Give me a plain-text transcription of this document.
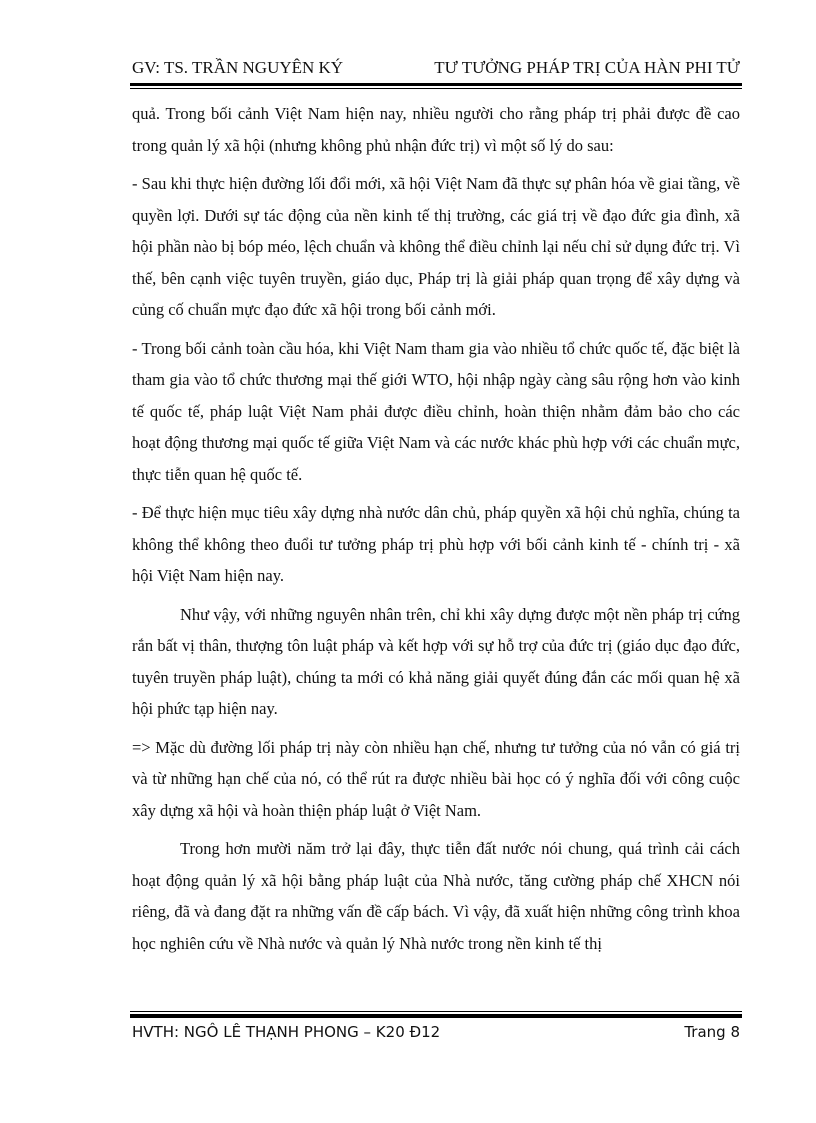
GV: TS. TRẦN NGUYÊN KÝ	TƯ TƯỞNG PHÁP TRỊ CỦA HÀN PHI TỬ

quả. Trong bối cảnh Việt Nam hiện nay, nhiều người cho rằng pháp trị phải được đề cao trong quản lý xã hội (nhưng không phủ nhận đức trị) vì một số lý do sau:

- Sau khi thực hiện đường lối đổi mới, xã hội Việt Nam đã thực sự phân hóa về giai tầng, về quyền lợi. Dưới sự tác động của nền kinh tế thị trường, các giá trị về đạo đức gia đình, xã hội phần nào bị bóp méo, lệch chuẩn và không thể điều chỉnh lại nếu chỉ sử dụng đức trị. Vì thế, bên cạnh việc tuyên truyền, giáo dục, Pháp trị là giải pháp quan trọng để xây dựng và củng cố chuẩn mực đạo đức xã hội trong bối cảnh mới.

- Trong bối cảnh toàn cầu hóa, khi Việt Nam tham gia vào nhiều tổ chức quốc tế, đặc biệt là tham gia vào tổ chức thương mại thế giới WTO, hội nhập ngày càng sâu rộng hơn vào kinh tế quốc tế, pháp luật Việt Nam phải được điều chỉnh, hoàn thiện nhằm đảm bảo cho các hoạt động thương mại quốc tế giữa Việt Nam và các nước khác phù hợp với các chuẩn mực, thực tiễn quan hệ quốc tế.

- Để thực hiện mục tiêu xây dựng nhà nước dân chủ, pháp quyền xã hội chủ nghĩa, chúng ta không thể không theo đuổi tư tưởng pháp trị phù hợp với bối cảnh kinh tế - chính trị - xã hội Việt Nam hiện nay.

Như vậy, với những nguyên nhân trên, chỉ khi xây dựng được một nền pháp trị cứng rắn bất vị thân, thượng tôn luật pháp và kết hợp với sự hỗ trợ của đức trị (giáo dục đạo đức, tuyên truyền pháp luật), chúng ta mới có khả năng giải quyết đúng đắn các mối quan hệ xã hội phức tạp hiện nay.

=> Mặc dù đường lối pháp trị này còn nhiều hạn chế, nhưng tư tưởng của nó vẫn có giá trị và từ những hạn chế của nó, có thể rút ra được nhiều bài học có ý nghĩa đối với công cuộc xây dựng xã hội và hoàn thiện pháp luật ở Việt Nam.

Trong hơn mười năm trở lại đây, thực tiễn đất nước nói chung, quá trình cải cách hoạt động quản lý xã hội bằng pháp luật của Nhà nước, tăng cường pháp chế XHCN nói riêng, đã và đang đặt ra những vấn đề cấp bách. Vì vậy, đã xuất hiện những công trình khoa học nghiên cứu về Nhà nước và quản lý Nhà nước trong nền kinh tế thị

HVTH: NGÔ LÊ THẠNH PHONG – K20 Đ12	Trang 8
